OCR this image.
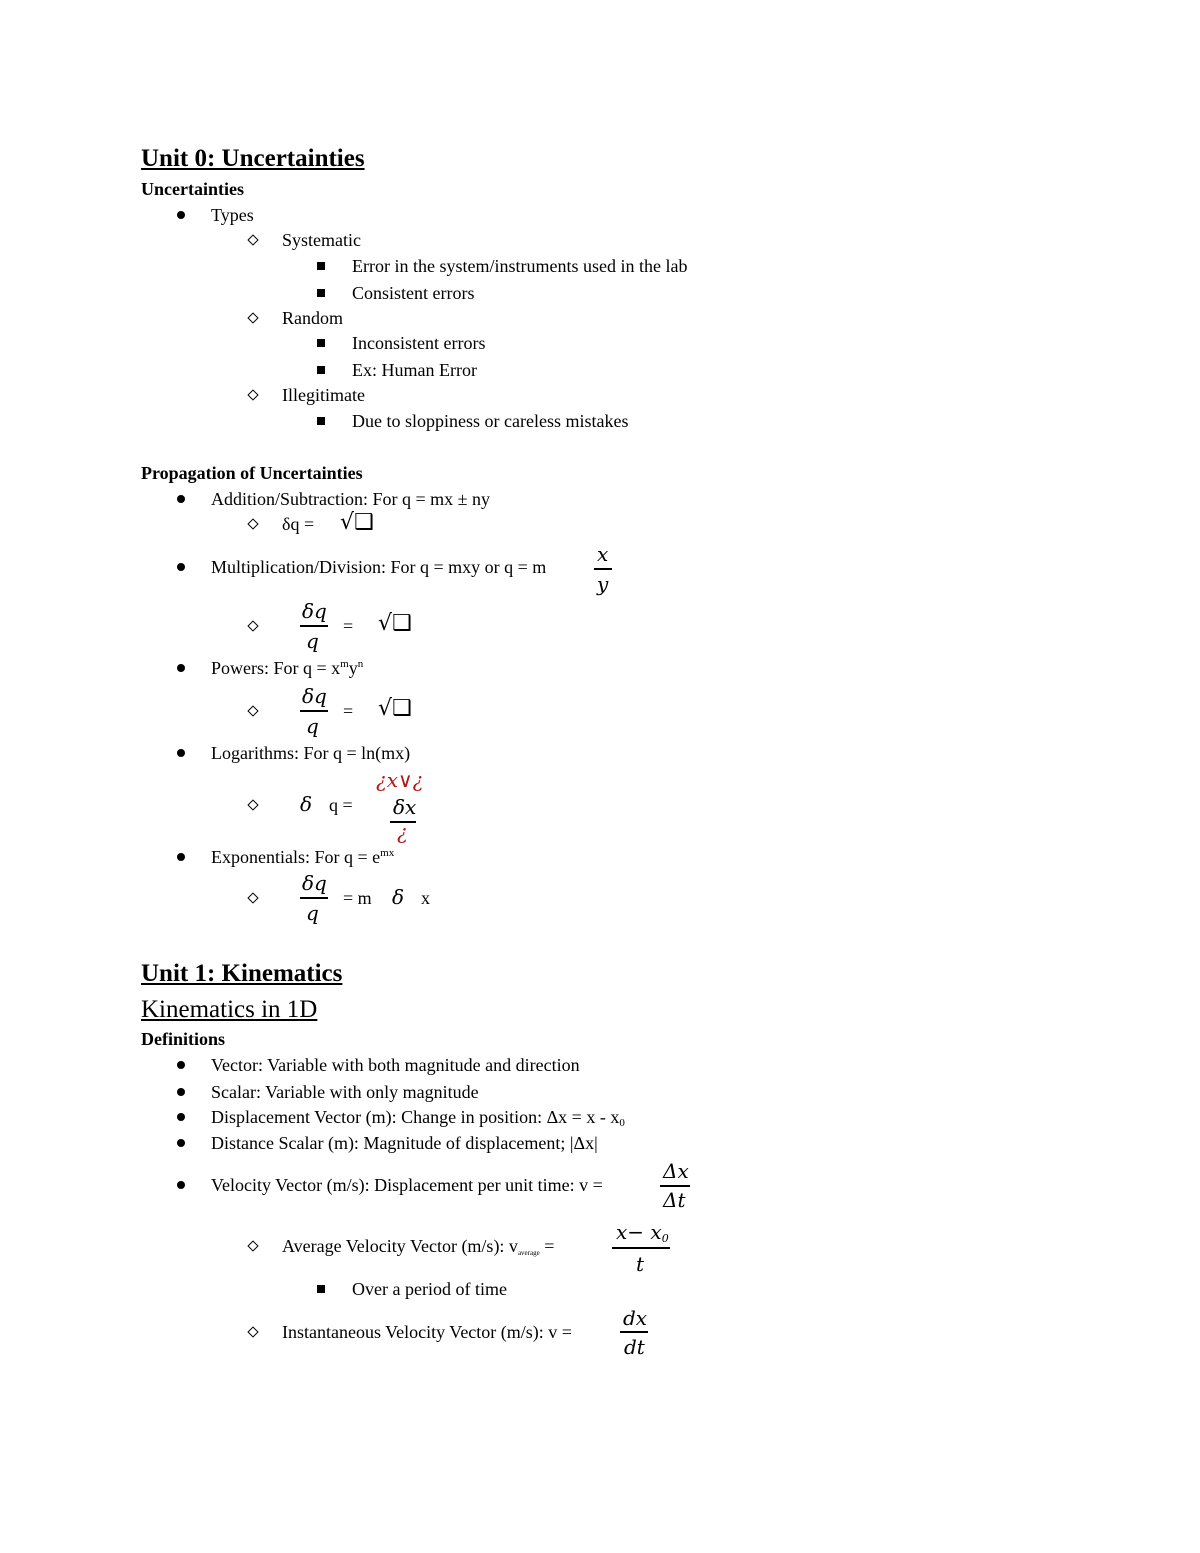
Unit 0: Uncertainties
Uncertainties
Types
Systematic
Error in the system/instruments used in the lab
Consistent errors
Random
Inconsistent errors
Ex: Human Error
Illegitimate
Due to sloppiness or careless mistakes
Propagation of Uncertainties
Addition/Subtraction: For q = mx ± ny
δq = √❑
Multiplication/Division: For q = mxy or q = m
x
y
δq
q
= √❑
Powers: For $q = x^my^n$
δq
q
= √❑
Logarithms: For q = ln(mx)
¿x∨¿
δ q = δx
¿
Exponentials: For $q = e^{mx}$
δq
q
= m δ x
Unit 1: Kinematics
Kinematics in 1D
Definitions
Vector: Variable with both magnitude and direction
Scalar: Variable with only magnitude
Displacement Vector (m): Change in position: $\Delta x = x - x_0$
Distance Scalar (m): Magnitude of displacement; |Δx|
Velocity Vector (m/s): Displacement per unit time: v =
Δx
Δt
Average Velocity Vector (m/s): $v_{average}$ =
$x- x_0$
t
Over a period of time
Instantaneous Velocity Vector (m/s): v =
dx
dt
